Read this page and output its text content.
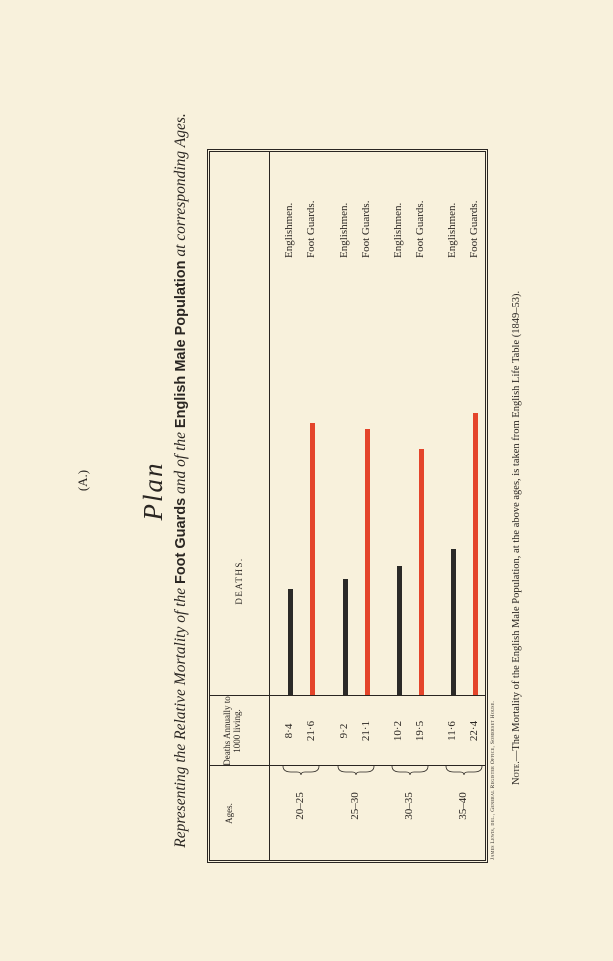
(A.)
Representing the Relative Mortality of the Foot Guards and of the English Male Population at corresponding Ages.
James Lewis, del., General Register Office, Somerset House. Note.—The Mortality of the English Male Population, at the above ages, is taken from English Life Table (1849–53).
Ages.
Deaths Annually to 1000 living.
DEATHS.
20–25
8·4 21·6
Englishmen. Foot Guards.
25–30
9·2 21·1
Englishmen. Foot Guards.
30–35
10·2 19·5
Englishmen. Foot Guards.
35–40
11·6 22·4
Englishmen. Foot Guards.
Plan
